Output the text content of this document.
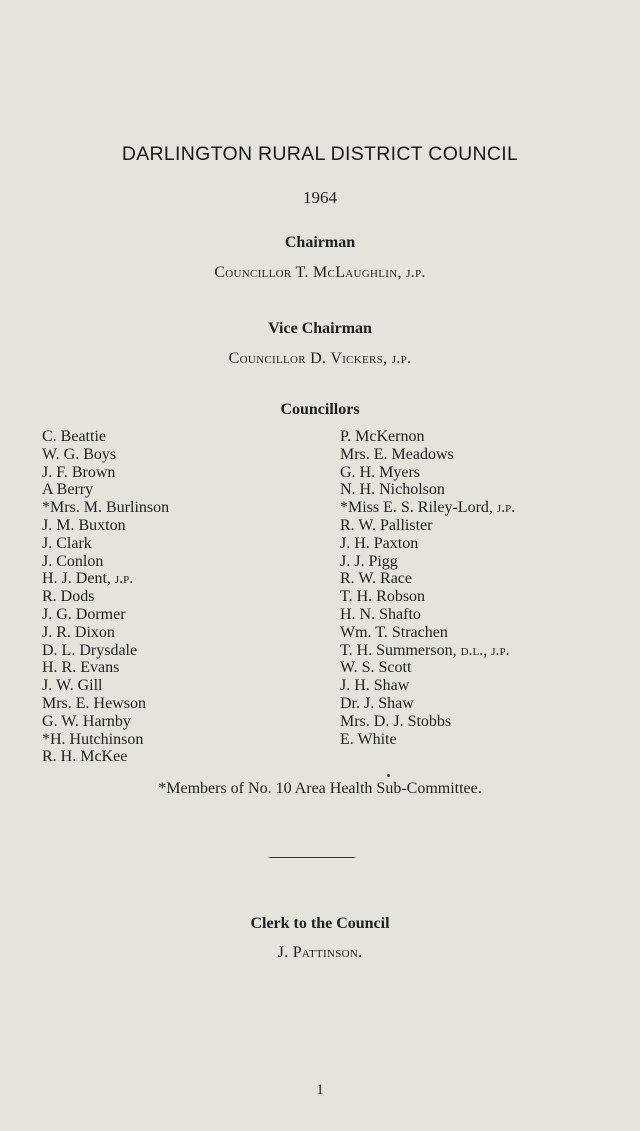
DARLINGTON RURAL DISTRICT COUNCIL
1964
Chairman
Councillor T. McLaughlin, j.p.
Vice Chairman
Councillor D. Vickers, j.p.
Councillors
C. Beattie
W. G. Boys
J. F. Brown
A Berry
*Mrs. M. Burlinson
J. M. Buxton
J. Clark
J. Conlon
H. J. Dent, j.p.
R. Dods
J. G. Dormer
J. R. Dixon
D. L. Drysdale
H. R. Evans
J. W. Gill
Mrs. E. Hewson
G. W. Harnby
*H. Hutchinson
R. H. McKee
P. McKernon
Mrs. E. Meadows
G. H. Myers
N. H. Nicholson
*Miss E. S. Riley-Lord, j.p.
R. W. Pallister
J. H. Paxton
J. J. Pigg
R. W. Race
T. H. Robson
H. N. Shafto
Wm. T. Strachen
T. H. Summerson, d.l., j.p.
W. S. Scott
J. H. Shaw
Dr. J. Shaw
Mrs. D. J. Stobbs
E. White
*Members of No. 10 Area Health Sub-Committee.
Clerk to the Council
J. Pattinson.
1
